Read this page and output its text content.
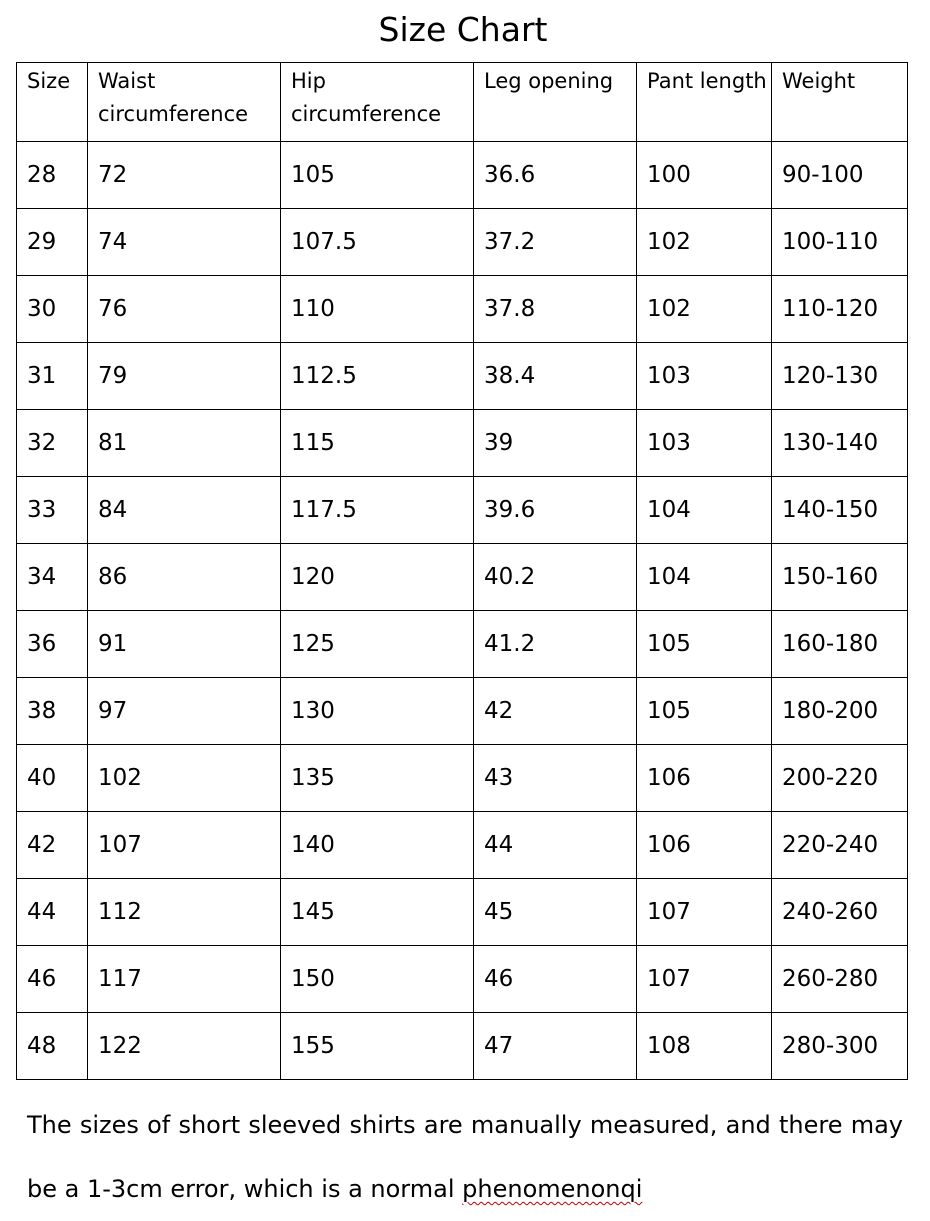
Size Chart
Size	Waist circumference	Hip circumference	Leg opening	Pant length	Weight
28	72	105	36.6	100	90-100
29	74	107.5	37.2	102	100-110
30	76	110	37.8	102	110-120
31	79	112.5	38.4	103	120-130
32	81	115	39	103	130-140
33	84	117.5	39.6	104	140-150
34	86	120	40.2	104	150-160
36	91	125	41.2	105	160-180
38	97	130	42	105	180-200
40	102	135	43	106	200-220
42	107	140	44	106	220-240
44	112	145	45	107	240-260
46	117	150	46	107	260-280
48	122	155	47	108	280-300
The sizes of short sleeved shirts are manually measured, and there may be a 1-3cm error, which is a normal phenomenonqi
